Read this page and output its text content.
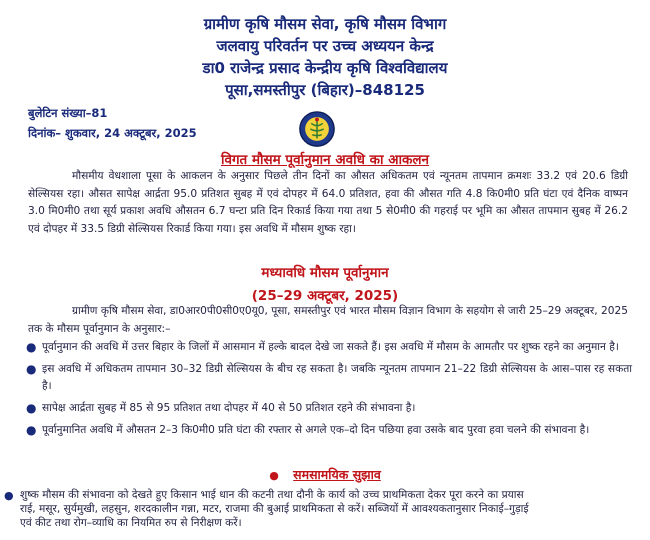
ग्रामीण कृषि मौसम सेवा, कृषि मौसम विभाग
जलवायु परिवर्तन पर उच्च अध्ययन केन्द्र
डा0 राजेन्द्र प्रसाद केन्द्रीय कृषि विश्वविद्यालय
पूसा,समस्तीपुर (बिहार)–848125
बुलेटिन संख्या–81
दिनांक– शुकवार, 24 अक्टूबर, 2025
विगत मौसम पूर्वानुमान अवधि का आकलन
मौसमीय वेधशाला पूसा के आकलन के अनुसार पिछले तीन दिनों का औसत अधिकतम एवं न्यूनतम तापमान क्रमशः 33.2 एवं 20.6 डिग्री सेल्सियस रहा। औसत सापेक्ष आर्द्रता 95.0 प्रतिशत सुबह में एवं दोपहर में 64.0 प्रतिशत, हवा की औसत गति 4.8 कि0मी0 प्रति घंटा एवं दैनिक वाष्पन 3.0 मि0मी0 तथा सूर्य प्रकाश अवधि औसतन 6.7 घन्टा प्रति दिन रिकार्ड किया गया तथा 5 से0मी0 की गहराई पर भूमि का औसत तापमान सुबह में 26.2 एवं दोपहर में 33.5 डिग्री सेल्सियस रिकार्ड किया गया। इस अवधि में मौसम शुष्क रहा।
मध्यावधि मौसम पूर्वानुमान
(25–29 अक्टूबर, 2025)
ग्रामीण कृषि मौसम सेवा, डा0आर0पी0सी0ए0यू0, पूसा, समस्तीपुर एवं भारत मौसम विज्ञान विभाग के सहयोग से जारी 25–29 अक्टूबर, 2025 तक के मौसम पूर्वानुमान के अनुसार:–
● पूर्वानुमान की अवधि में उत्तर बिहार के जिलों में आसमान में हल्के बादल देखे जा सकते हैं। इस अवधि में मौसम के आमतौर पर शुष्क रहने का अनुमान है।
● इस अवधि में अधिकतम तापमान 30–32 डिग्री सेल्सियस के बीच रह सकता है। जबकि न्यूनतम तापमान 21–22 डिग्री सेल्सियस के आस–पास रह सकता है।
● सापेक्ष आर्द्रता सुबह में 85 से 95 प्रतिशत तथा दोपहर में 40 से 50 प्रतिशत रहने की संभावना है।
● पूर्वानुमानित अवधि में औसतन 2–3 कि0मी0 प्रति घंटा की रफ्तार से अगले एक–दो दिन पछिया हवा उसके बाद पुरवा हवा चलने की संभावना है।
● समसामयिक सुझाव
● शुष्क मौसम की संभावना को देखते हुए किसान भाई धान की कटनी तथा दौनी के कार्य को उच्च प्राथमिकता देकर पूरा करने का प्रयास
राई, मसूर, सुर्यमुखी, लहसुन, शरदकालीन गन्ना, मटर, राजमा की बुआई प्राथमिकता से करें। सब्जियों में आवश्यकतानुसार निकाई–गुड़ाई
एवं कीट तथा रोग–व्याधि का नियमित रुप से निरीक्षण करें।
